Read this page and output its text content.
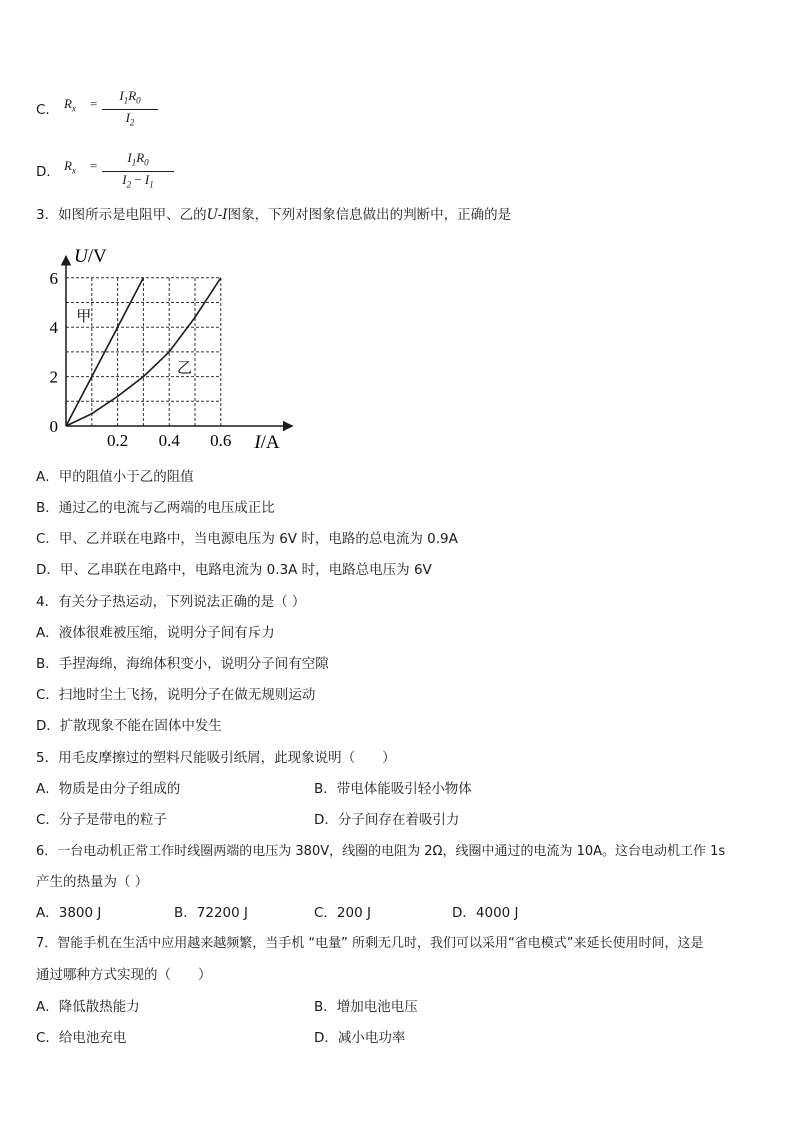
C． $R_x$ =
$I_1R_0$
$I_2$
D． $R_x$ =
$I_1R_0$
$I_2 - I_1$
3．如图所示是电阻甲、乙的U-I图象，下列对图象信息做出的判断中，正确的是
0.2 0.4 0.6
0
2
4
6
甲
乙
U/V
I/A
A．甲的阻值小于乙的阻值
B．通过乙的电流与乙两端的电压成正比
C．甲、乙并联在电路中，当电源电压为 6V 时，电路的总电流为 0.9A
D．甲、乙串联在电路中，电路电流为 0.3A 时，电路总电压为 6V
4．有关分子热运动，下列说法正确的是（ ）
A．液体很难被压缩，说明分子间有斥力
B．手捏海绵，海绵体积变小，说明分子间有空隙
C．扫地时尘土飞扬，说明分子在做无规则运动
D．扩散现象不能在固体中发生
5．用毛皮摩擦过的塑料尺能吸引纸屑，此现象说明（　　）
A．物质是由分子组成的	B．带电体能吸引轻小物体
C．分子是带电的粒子	D．分子间存在着吸引力
6．一台电动机正常工作时线圈两端的电压为 380V，线圈的电阻为 2Ω，线圈中通过的电流为 10A。这台电动机工作 1s
产生的热量为（ ）
A．3800 J	B．72200 J	C．200 J	D．4000 J
7．智能手机在生活中应用越来越频繁，当手机 “电量” 所剩无几时，我们可以采用“省电模式”来延长使用时间，这是
通过哪种方式实现的（　　）
A．降低散热能力	B．增加电池电压
C．给电池充电	D．减小电功率
